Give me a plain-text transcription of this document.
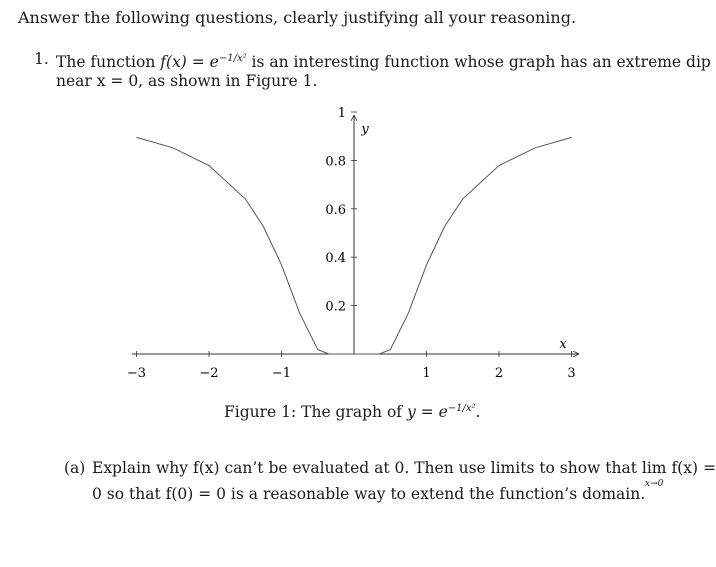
Answer the following questions, clearly justifying all your reasoning.
1. The function $f(x) = e^{-1/x^2}$ is an interesting function whose graph has an extreme dip
near x = 0, as shown in Figure 1.
−3	−2	−1	1	2	3
0.2
0.4
0.6
0.8
1
x
y
Figure 1: The graph of $y = e^{-1/x^2}$.
(a) Explain why f(x) can’t be evaluated at 0. Then use limits to show that lim
x→0
f(x) =
0 so that f(0) = 0 is a reasonable way to extend the function’s domain.
